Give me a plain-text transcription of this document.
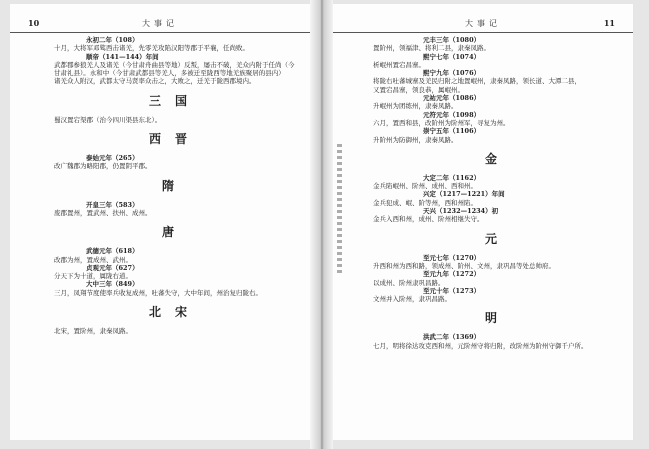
10	大事记
永初二年（108）
十月，大将军邓骘西击诸羌，先零羌攻陷汉阳等郡于平襄，任尚败。
顺帝（141—144）年间
武都郡参狼羌人及诸羌（今甘肃舟曲县等地）反叛，屡击不破，羌众内附于任尚（今
甘肃礼县）。永和中（今甘肃武都县等羌人，多被迁至陇西等地羌族聚居的县内）
诸羌众人附汉，武都太守马贤率众击之，大败之，迁羌于陇西郡境内。
三国
蜀汉置宕渠郡（治今四川渠县东北）。
西晋
泰始元年（265）
改广魏郡为略阳郡，仍置阴平郡。
隋
开皇三年（583）
废郡置州，置武州、扶州、成州。
唐
武德元年（618）
改郡为州，置成州、武州。
贞观元年（627）
分天下为十道，属陇右道。
大中三年（849）
三月，凤翔节度使率兵收复成州，吐蕃失守，大中年间，州治复归陇右。
北宋
北宋，置阶州，隶秦凤路。
大事记	11
元丰三年（1080）
置阶州，领福津、将利二县，隶秦凤路。
熙宁七年（1074）
析岷州置宕昌寨。
熙宁九年（1076）
将陇右吐蕃城寨及羌民归附之地置岷州，隶秦凤路，领长道、大潭二县，
又置宕昌寨，领良恭，属岷州。
元祐元年（1086）
升岷州为团练州，隶秦凤路。
元符元年（1098）
六月，置西和县，改阶州为阶州军，寻复为州。
崇宁五年（1106）
升阶州为防御州，隶秦凤路。
金
大定二年（1162）
金兵陷岷州、阶州、成州、西和州。
兴定（1217—1221）年间
金兵犯成、岷、阶等州，西和州陷。
天兴（1232—1234）初
金兵入西和州，成州、阶州相继失守。
元
至元七年（1270）
升西和州为西和路，领成州、阶州、文州，隶巩昌等处总帅府。
至元九年（1272）
以成州、阶州隶巩昌路。
至元十年（1273）
文州并入阶州，隶巩昌路。
明
洪武二年（1369）
七月，明将徐达攻克西和州，元阶州守将归附，改阶州为阶州守御千户所。
